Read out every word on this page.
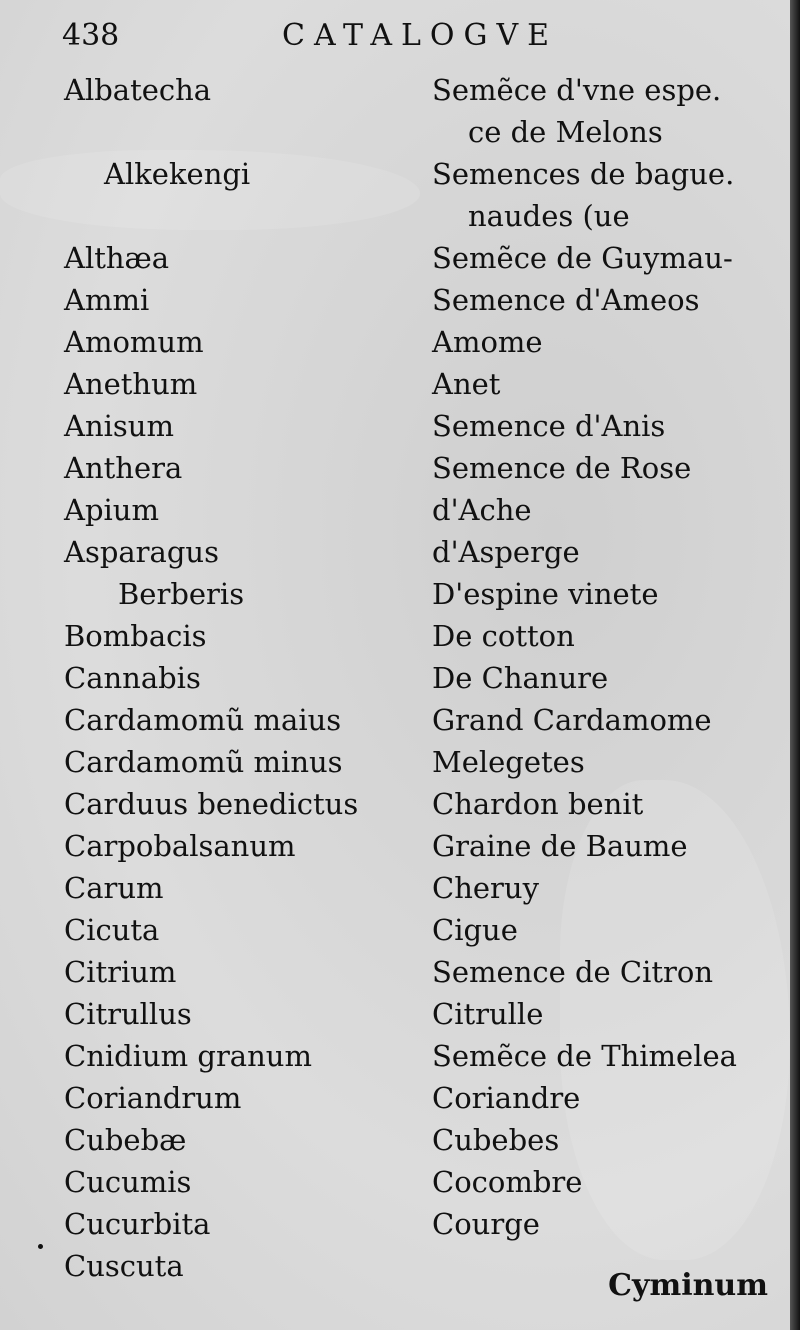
438	CATALOGVE
Albatecha	Semẽce d'vne espe.
ce de Melons
Alkekengi	Semences de bague.
naudes (ue
Althæa	Semẽce de Guymau-
Ammi	Semence d'Ameos
Amomum	Amome
Anethum	Anet
Anisum	Semence d'Anis
Anthera	Semence de Rose
Apium	d'Ache
Asparagus	d'Asperge
Berberis	D'espine vinete
Bombacis	De cotton
Cannabis	De Chanure
Cardamomũ maius	Grand Cardamome
Cardamomũ minus	Melegetes
Carduus benedictus	Chardon benit
Carpobalsanum	Graine de Baume
Carum	Cheruy
Cicuta	Cigue
Citrium	Semence de Citron
Citrullus	Citrulle
Cnidium granum	Semẽce de Thimelea
Coriandrum	Coriandre
Cubebæ	Cubebes
Cucumis	Cocombre
Cucurbita	Courge
Cuscuta
Cyminum
